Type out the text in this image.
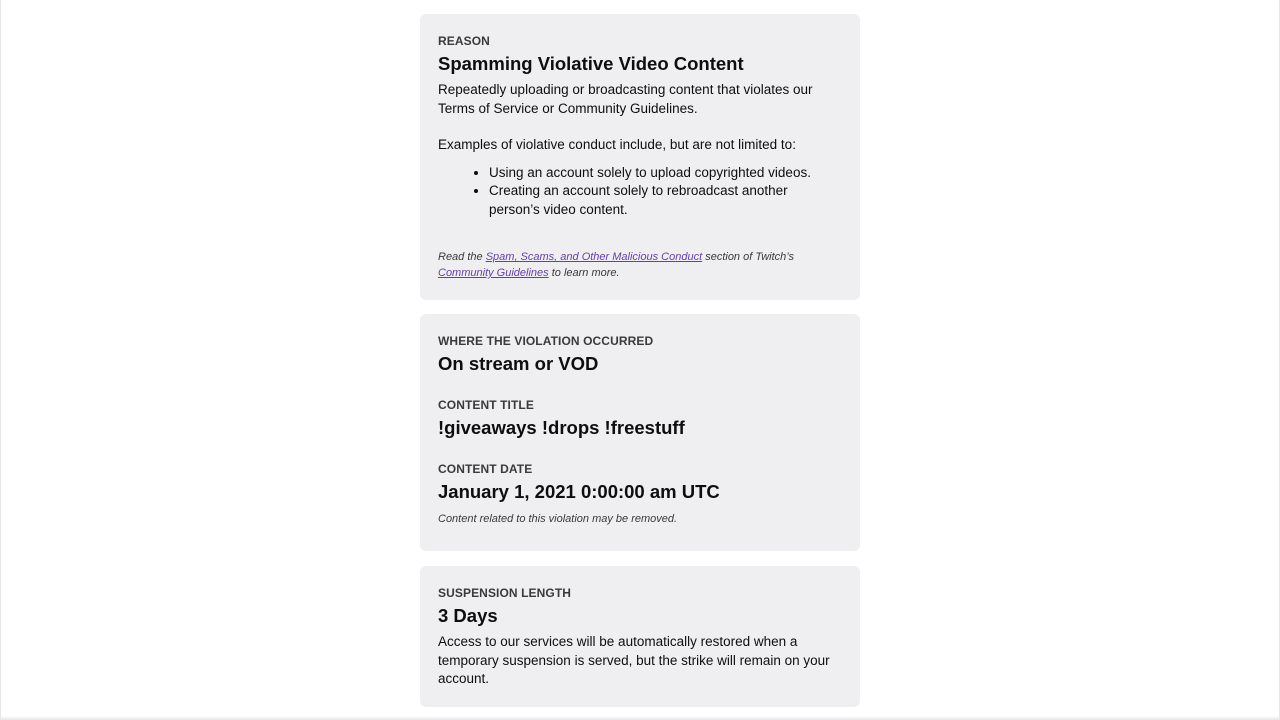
REASON

Spamming Violative Video Content

Repeatedly uploading or broadcasting content that violates our Terms of Service or Community Guidelines.

Examples of violative conduct include, but are not limited to:

• Using an account solely to upload copyrighted videos.
• Creating an account solely to rebroadcast another person’s video content.

Read the Spam, Scams, and Other Malicious Conduct section of Twitch’s Community Guidelines to learn more.

WHERE THE VIOLATION OCCURRED

On stream or VOD

CONTENT TITLE

!giveaways !drops !freestuff

CONTENT DATE

January 1, 2021 0:00:00 am UTC

Content related to this violation may be removed.

SUSPENSION LENGTH

3 Days

Access to our services will be automatically restored when a temporary suspension is served, but the strike will remain on your account.
